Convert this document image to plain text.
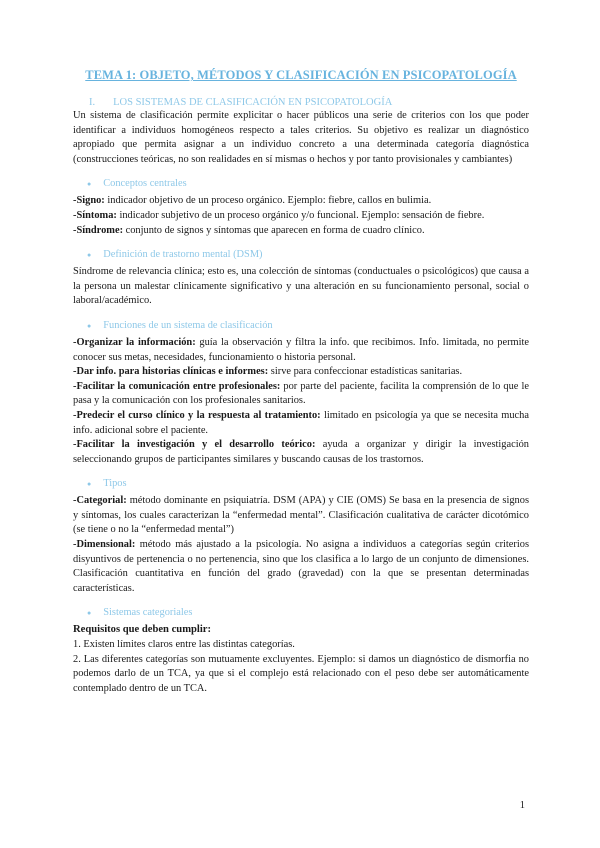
TEMA 1: OBJETO, MÉTODOS Y CLASIFICACIÓN EN PSICOPATOLOGÍA
I. LOS SISTEMAS DE CLASIFICACIÓN EN PSICOPATOLOGÍA

Un sistema de clasificación permite explicitar o hacer públicos una serie de criterios con los que poder identificar a individuos homogéneos respecto a tales criterios. Su objetivo es realizar un diagnóstico apropiado que permita asignar a un individuo concreto a una determinada categoría diagnóstica (construcciones teóricas, no son realidades en sí mismas o hechos y por tanto provisionales y cambiantes)

● Conceptos centrales
-Signo: indicador objetivo de un proceso orgánico. Ejemplo: fiebre, callos en bulimia.
-Síntoma: indicador subjetivo de un proceso orgánico y/o funcional. Ejemplo: sensación de fiebre.
-Síndrome: conjunto de signos y síntomas que aparecen en forma de cuadro clínico.
● Definición de trastorno mental (DSM)

Síndrome de relevancia clínica; esto es, una colección de síntomas (conductuales o psicológicos) que causa a la persona un malestar clínicamente significativo y una alteración en su funcionamiento personal, social o laboral/académico.

● Funciones de un sistema de clasificación
-Organizar la información: guía la observación y filtra la info. que recibimos. Info. limitada, no permite conocer sus metas, necesidades, funcionamiento o historia personal.
-Dar info. para historias clínicas e informes: sirve para confeccionar estadísticas sanitarias.
-Facilitar la comunicación entre profesionales: por parte del paciente, facilita la comprensión de lo que le pasa y la comunicación con los profesionales sanitarios.
-Predecir el curso clínico y la respuesta al tratamiento: limitado en psicología ya que se necesita mucha info. adicional sobre el paciente.
-Facilitar la investigación y el desarrollo teórico: ayuda a organizar y dirigir la investigación seleccionando grupos de participantes similares y buscando causas de los trastornos.
● Tipos
-Categorial: método dominante en psiquiatría. DSM (APA) y CIE (OMS) Se basa en la presencia de signos y síntomas, los cuales caracterizan la “enfermedad mental”. Clasificación cualitativa de carácter dicotómico (se tiene o no la “enfermedad mental”)
-Dimensional: método más ajustado a la psicología. No asigna a individuos a categorías según criterios disyuntivos de pertenencia o no pertenencia, sino que los clasifica a lo largo de un conjunto de dimensiones. Clasificación cuantitativa en función del grado (gravedad) con la que se presentan determinadas características.
● Sistemas categoriales
Requisitos que deben cumplir:
1. Existen límites claros entre las distintas categorías.
2. Las diferentes categorías son mutuamente excluyentes. Ejemplo: si damos un diagnóstico de dismorfia no podemos darlo de un TCA, ya que si el complejo está relacionado con el peso debe ser automáticamente contemplado dentro de un TCA.
1
